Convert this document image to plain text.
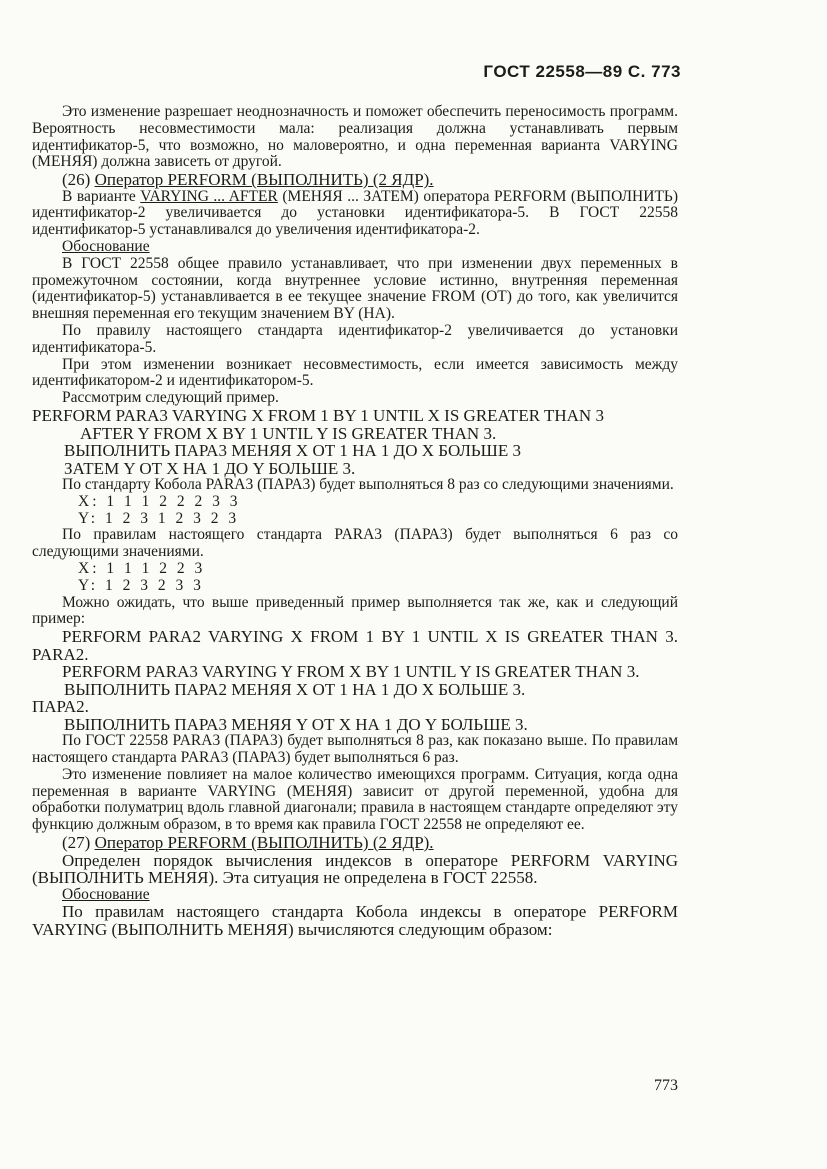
ГОСТ 22558—89 С. 773

Это изменение разрешает неоднозначность и поможет обеспечить переносимость программ. Вероятность несовместимости мала: реализация должна устанавливать первым идентификатор-5, что возможно, но маловероятно, и одна переменная варианта VARYING (МЕНЯЯ) должна зависеть от другой.

(26) Оператор PERFORM (ВЫПОЛНИТЬ) (2 ЯДР).

В варианте VARYING ... AFTER (МЕНЯЯ ... ЗАТЕМ) оператора PERFORM (ВЫПОЛНИТЬ) идентификатор-2 увеличивается до установки идентификатора-5. В ГОСТ 22558 идентификатор-5 устанавливался до увеличения идентификатора-2.

Обоснование

В ГОСТ 22558 общее правило устанавливает, что при изменении двух переменных в промежуточном состоянии, когда внутреннее условие истинно, внутренняя переменная (идентификатор-5) устанавливается в ее текущее значение FROM (ОТ) до того, как увеличится внешняя переменная его текущим значением BY (НА).

По правилу настоящего стандарта идентификатор-2 увеличивается до установки идентификатора-5.

При этом изменении возникает несовместимость, если имеется зависимость между идентификатором-2 и идентификатором-5.

Рассмотрим следующий пример.

PERFORM PARA3 VARYING X FROM 1 BY 1 UNTIL X IS GREATER THAN 3

AFTER Y FROM X BY 1 UNTIL Y IS GREATER THAN 3.

ВЫПОЛНИТЬ ПАРА3 МЕНЯЯ X ОТ 1 НА 1 ДО X БОЛЬШЕ 3

ЗАТЕМ Y ОТ X НА 1 ДО Y БОЛЬШЕ 3.

По стандарту Кобола PARA3 (ПАРА3) будет выполняться 8 раз со следующими значениями.

X: 1 1 1 2 2 2 3 3

Y: 1 2 3 1 2 3 2 3

По правилам настоящего стандарта PARA3 (ПАРА3) будет выполняться 6 раз со следующими значениями.

X: 1 1 1 2 2 3

Y: 1 2 3 2 3 3

Можно ожидать, что выше приведенный пример выполняется так же, как и следующий пример:

PERFORM PARA2 VARYING X FROM 1 BY 1 UNTIL X IS GREATER THAN 3. PARA2.

PERFORM PARA3 VARYING Y FROM X BY 1 UNTIL Y IS GREATER THAN 3.

ВЫПОЛНИТЬ ПАРА2 МЕНЯЯ X ОТ 1 НА 1 ДО X БОЛЬШЕ 3.

ПАРА2.

ВЫПОЛНИТЬ ПАРА3 МЕНЯЯ Y ОТ X НА 1 ДО Y БОЛЬШЕ 3.

По ГОСТ 22558 PARA3 (ПАРА3) будет выполняться 8 раз, как показано выше. По правилам настоящего стандарта PARA3 (ПАРА3) будет выполняться 6 раз.

Это изменение повлияет на малое количество имеющихся программ. Ситуация, когда одна переменная в варианте VARYING (МЕНЯЯ) зависит от другой переменной, удобна для обработки полуматриц вдоль главной диагонали; правила в настоящем стандарте определяют эту функцию должным образом, в то время как правила ГОСТ 22558 не определяют ее.

(27) Оператор PERFORM (ВЫПОЛНИТЬ) (2 ЯДР).

Определен порядок вычисления индексов в операторе PERFORM VARYING (ВЫПОЛНИТЬ МЕНЯЯ). Эта ситуация не определена в ГОСТ 22558.

Обоснование

По правилам настоящего стандарта Кобола индексы в операторе PERFORM VARYING (ВЫПОЛНИТЬ МЕНЯЯ) вычисляются следующим образом:

773
